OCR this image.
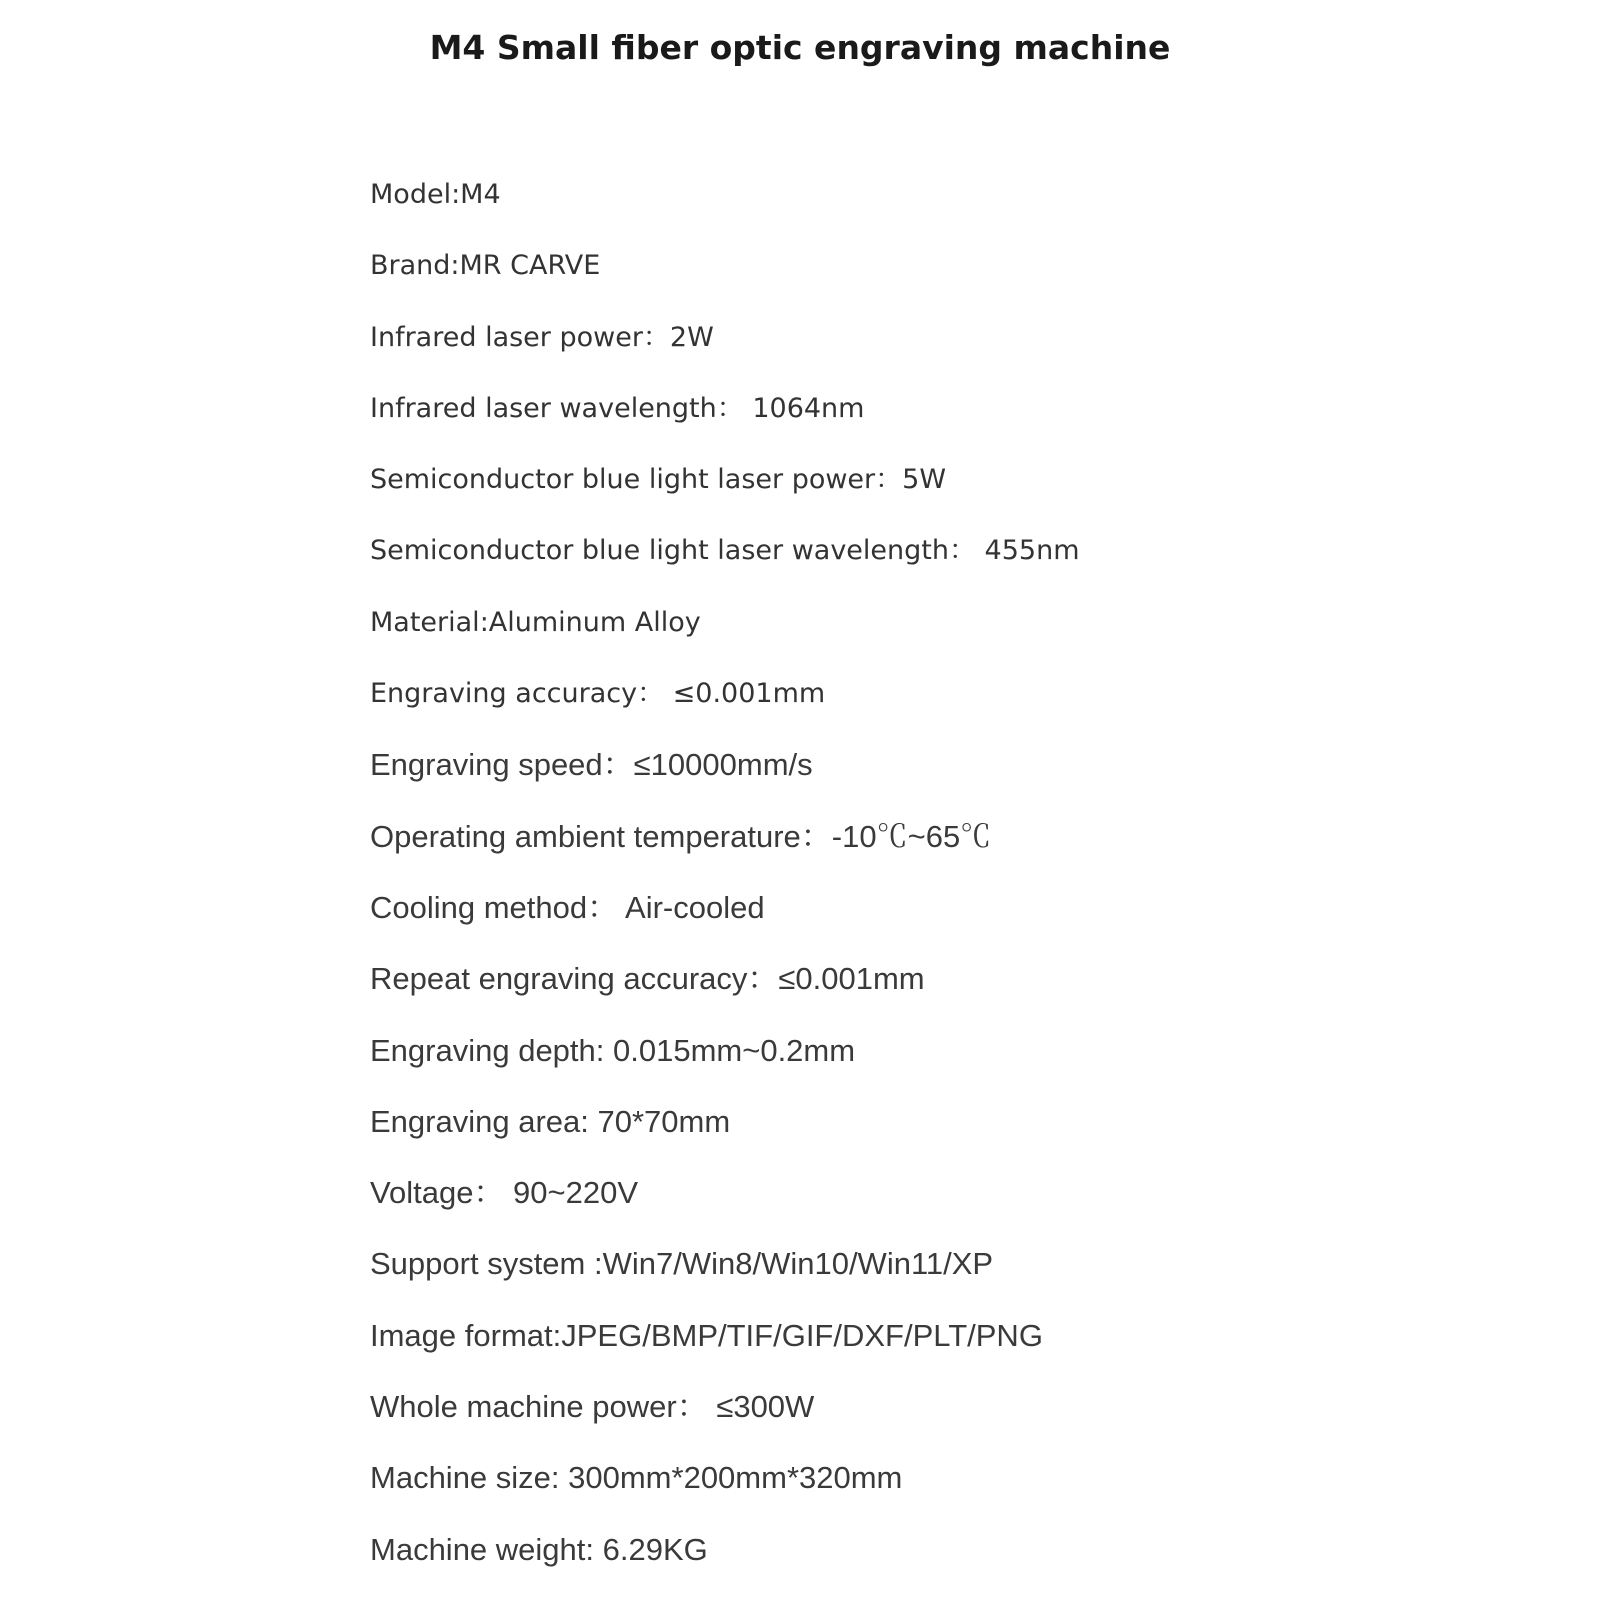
M4 Small fiber optic engraving machine
Model:M4
Brand:MR CARVE
Infrared laser power：2W
Infrared laser wavelength： 1064nm
Semiconductor blue light laser power：5W
Semiconductor blue light laser wavelength： 455nm
Material:Aluminum Alloy
Engraving accuracy： ≤0.001mm
Engraving speed：≤10000mm/s
Operating ambient temperature：-10℃~65℃
Cooling method： Air-cooled
Repeat engraving accuracy：≤0.001mm
Engraving depth: 0.015mm~0.2mm
Engraving area: 70*70mm
Voltage： 90~220V
Support system :Win7/Win8/Win10/Win11/XP
Image format:JPEG/BMP/TIF/GIF/DXF/PLT/PNG
Whole machine power： ≤300W
Machine size: 300mm*200mm*320mm
Machine weight: 6.29KG
